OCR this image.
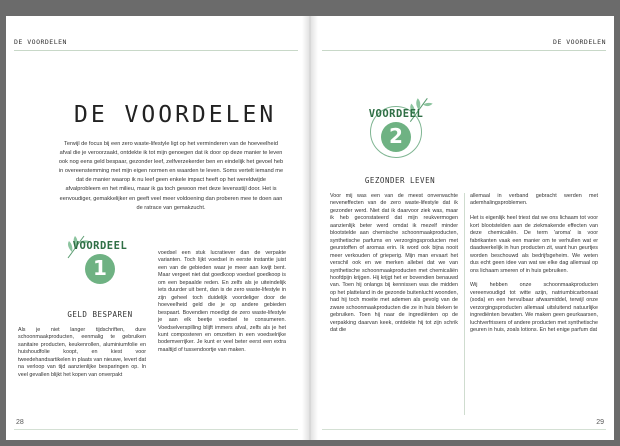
DE VOORDELEN
DE VOORDELEN

Terwijl de focus bij een zero waste-lifestyle ligt op het verminderen van de hoeveelheid afval die je veroorzaakt, ontdekte ik tot mijn genoegen dat ik door op deze manier te leven ook nog eens geld bespaar, gezonder leef, zelfverzekerder ben en eindelijk het gevoel heb in overeenstemming met mijn eigen normen en waarden te leven. Soms vertelt iemand me dat de manier waarop ik nu leef geen enkele impact heeft op het wereldwijde afvalprobleem en het milieu, maar ik ga toch gewoon met deze levensstijl door. Het is eenvoudiger, gemakkelijker en geeft veel meer voldoening dan proberen mee te doen aan de ratrace van gemakzucht.

VOORDEEL
1
GELD BESPAREN

Als je niet langer tijdschriften, dure schoonmaakproducten, eenmalig te gebruiken sanitaire producten, keukenrollen, aluminiumfolie en huishoudfolie koopt, en kiest voor tweedehandsartikelen in plaats van nieuwe, levert dat na verloop van tijd aanzienlijke besparingen op. In veel gevallen blijkt het kopen van onverpakt

voedsel een stuk lucratiever dan de verpakte varianten. Toch lijkt voedsel in eerste instantie juist een van de gebieden waar je meer aan kwijt bent. Maar vergeet niet dat goedkoop voedsel goedkoop is om een bepaalde reden. En zelfs als je uiteindelijk iets duurder uit bent, dan is de zero waste-lifestyle in zijn geheel toch duidelijk voordeliger door de hoeveelheid geld die je op andere gebieden bespaart. Bovendien moedigt de zero waste-lifestyle je aan elk beetje voedsel te consumeren. Voedselverspilling blijft immers afval, zelfs als je het kunt composteren en omzetten in een voedselrijke bodemverrijker. Je kunt er veel beter eerst een extra maaltijd of tussendoortje van maken.

28
DE VOORDELEN
VOORDEEL
2
GEZONDER LEVEN

Voor mij was een van de meest onverwachte neveneffecten van de zero waste-lifestyle dat ik gezonder werd. Niet dat ik daarvoor ziek was, maar ik heb geconstateerd dat mijn reukvermogen aanzienlijk beter werd omdat ik mezelf minder blootstelde aan chemische schoonmaakproducten, synthetische parfums en verzorgingsproducten met geurstoffen of aromas erin. Ik word ook bijna nooit meer verkouden of grieperig. Mijn man ervaart het verschil ook en we merken allebei dat we van synthetische schoonmaakproducten met chemicaliën hoofdpijn krijgen. Hij krijgt het er bovendien benauwd van. Toen hij onlangs bij kennissen was die midden op het platteland in de gezonde buitenlucht woonden, had hij toch moeite met ademen als gevolg van de zware schoonmaakproducten die ze in huis bleken te gebruiken. Toen hij naar de ingrediënten op de verpakking daarvan keek, ontdekte hij tot zijn schrik dat die

allemaal in verband gebracht werden met ademhalingsproblemen.

Het is eigenlijk heel triest dat we ons lichaam tot voor kort blootstelden aan de ziekmakende effecten van deze chemicaliën. De term 'aroma' is voor fabrikanten vaak een manier om te verhullen wat er daadwerkelijk in hun producten zit, want hun geurtjes worden beschouwd als bedrijfsgeheim. We weten dus echt geen idee van wat we elke dag allemaal op ons lichaam smeren of in huis gebruiken.

Wij hebben onze schoonmaakproducten vereenvoudigd tot witte azijn, natriumbicarbonaat (soda) en een hervulbaar afwasmiddel, terwijl onze verzorgingsproducten allemaal uitsluitend natuurlijke ingrediënten bevatten. We maken geen geurkaarsen, luchtverfrissers of andere producten met synthetische geuren in huis, zoals lotions. En het enige parfum dat

29
